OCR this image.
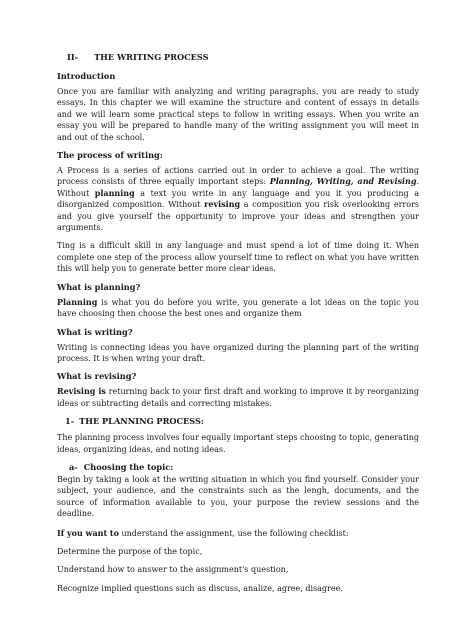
II- THE WRITING PROCESS
Introduction

Once you are familiar with analyzing and writing paragraphs, you are ready to study essays. In this chapter we will examine the structure and content of essays in details and we will learn some practical steps to follow in writing essays. When you write an essay you will be prepared to handle many of the writing assignment you will meet in and out of the school.

The process of writing:

A Process is a series of actions carried out in order to achieve a goal. The writing process consists of three equally important steps: Planning, Writing, and Revising. Without planning a text you write in any language and you it you producing a disorganized composition. Without revising a composition you risk overlooking errors and you give yourself the opportunity to improve your ideas and strengthen your arguments.

Ting is a difficult skill in any language and must spend a lot of time doing it. When complete one step of the process allow yourself time to reflect on what you have written this will help you to generate better more clear ideas.

What is planning?

Planning is what you do before you write, you generate a lot ideas on the topic you have choosing then choose the best ones and organize them

What is writing?

Writing is connecting ideas you have organized during the planning part of the writing process. It is when wring your draft.

What is revising?

Revising is returning back to your first draft and working to improve it by reorganizing ideas or subtracting details and correcting mistakes.

1- THE PLANNING PROCESS:

The planning process involves four equally important steps choosing to topic, generating ideas, organizing ideas, and noting ideas.

a- Choosing the topic:

Begin by taking a look at the writing situation in which you find yourself. Consider your subject, your audience, and the constraints such as the lengh, documents, and the source of information available to you, your purpose the review sessions and the deadline.

If you want to understand the assignment, use the following checklist:

Determine the purpose of the topic,

Understand how to answer to the assignment's question,

Recognize implied questions such as discuss, analize, agree, disagree.
